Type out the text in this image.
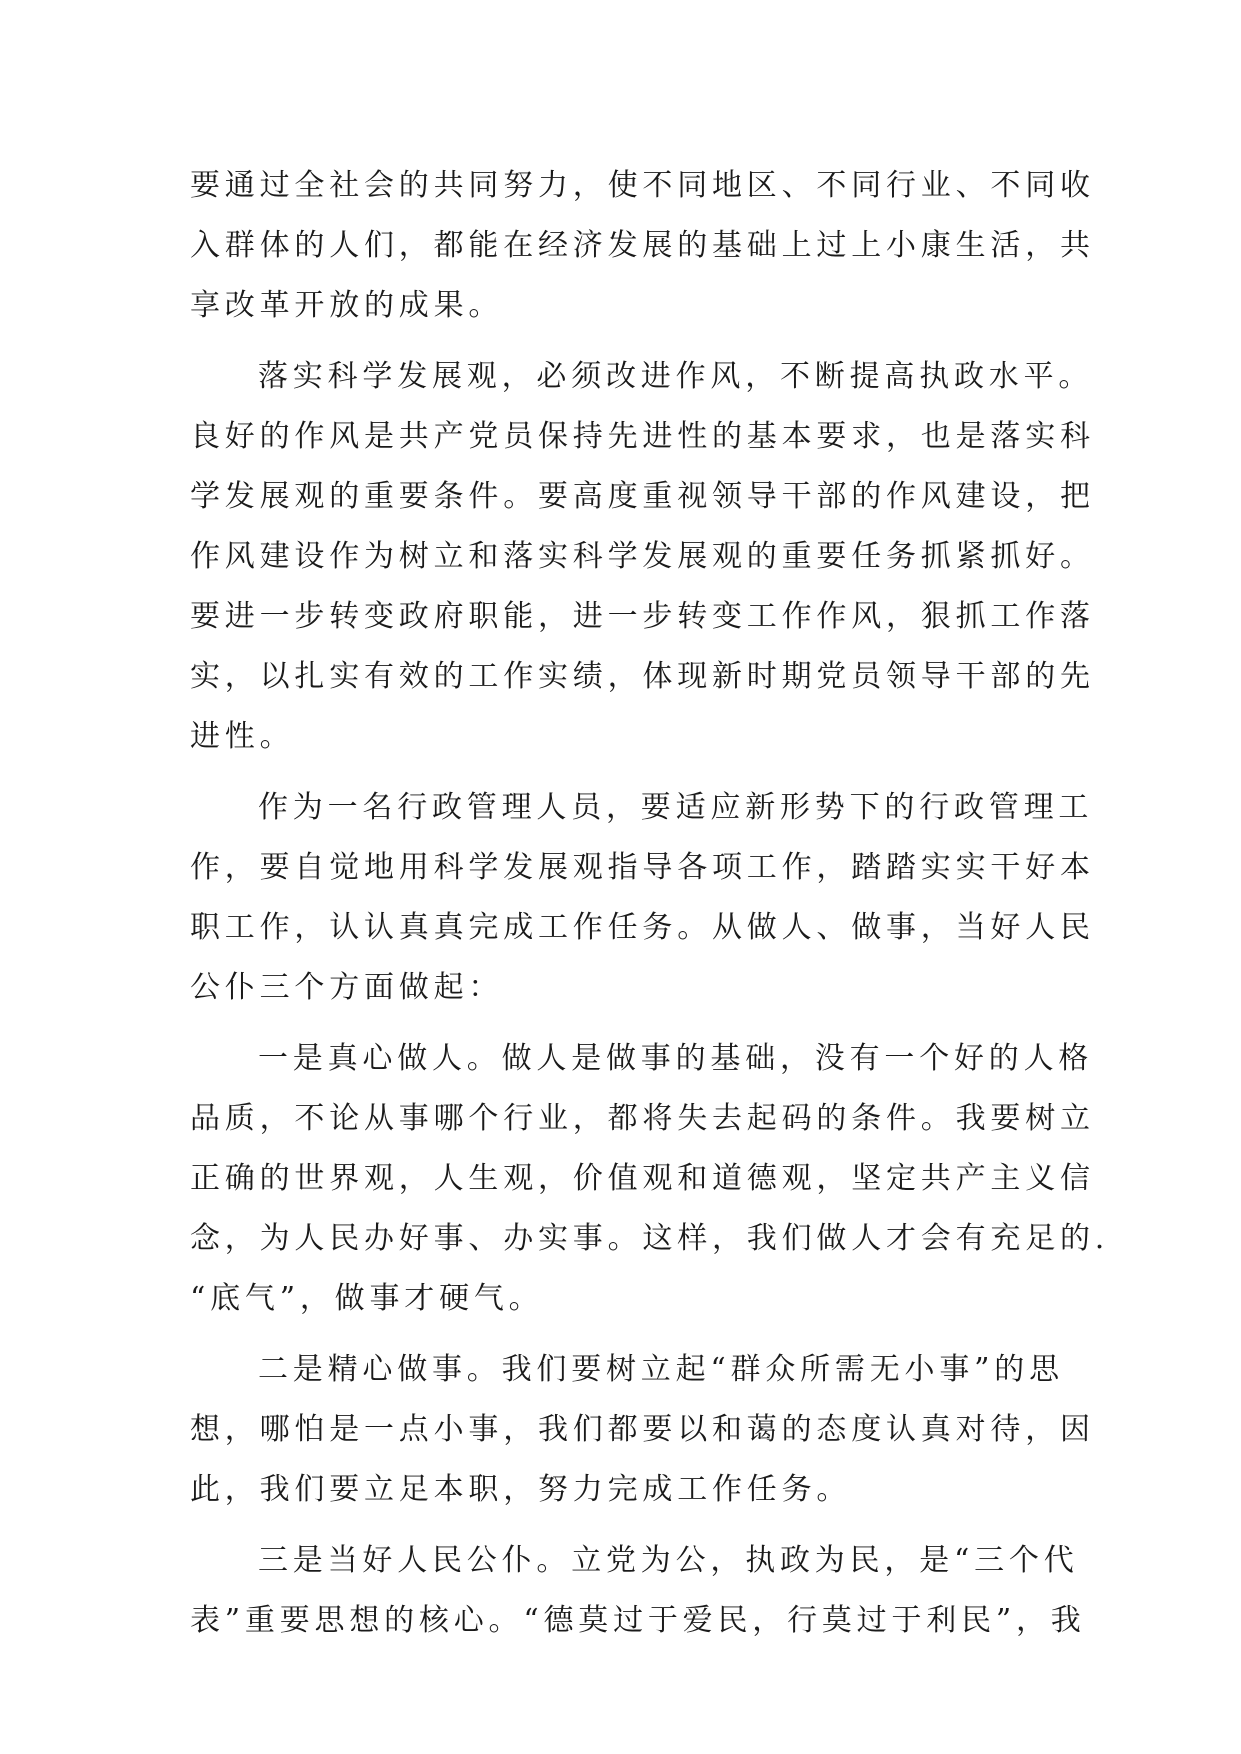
要通过全社会的共同努力，使不同地区、不同行业、不同收
入群体的人们，都能在经济发展的基础上过上小康生活，共
享改革开放的成果。
落实科学发展观，必须改进作风，不断提高执政水平。
良好的作风是共产党员保持先进性的基本要求，也是落实科
学发展观的重要条件。要高度重视领导干部的作风建设，把
作风建设作为树立和落实科学发展观的重要任务抓紧抓好。
要进一步转变政府职能，进一步转变工作作风，狠抓工作落
实，以扎实有效的工作实绩，体现新时期党员领导干部的先
进性。
作为一名行政管理人员，要适应新形势下的行政管理工
作，要自觉地用科学发展观指导各项工作，踏踏实实干好本
职工作，认认真真完成工作任务。从做人、做事，当好人民
公仆三个方面做起：
一是真心做人。做人是做事的基础，没有一个好的人格
品质，不论从事哪个行业，都将失去起码的条件。我要树立
正确的世界观，人生观，价值观和道德观，坚定共产主义信
念，为人民办好事、办实事。这样，我们做人才会有充足的.
“底气”，做事才硬气。
二是精心做事。我们要树立起“群众所需无小事”的思
想，哪怕是一点小事，我们都要以和蔼的态度认真对待，因
此，我们要立足本职，努力完成工作任务。
三是当好人民公仆。立党为公，执政为民，是“三个代
表”重要思想的核心。“德莫过于爱民，行莫过于利民”，我
